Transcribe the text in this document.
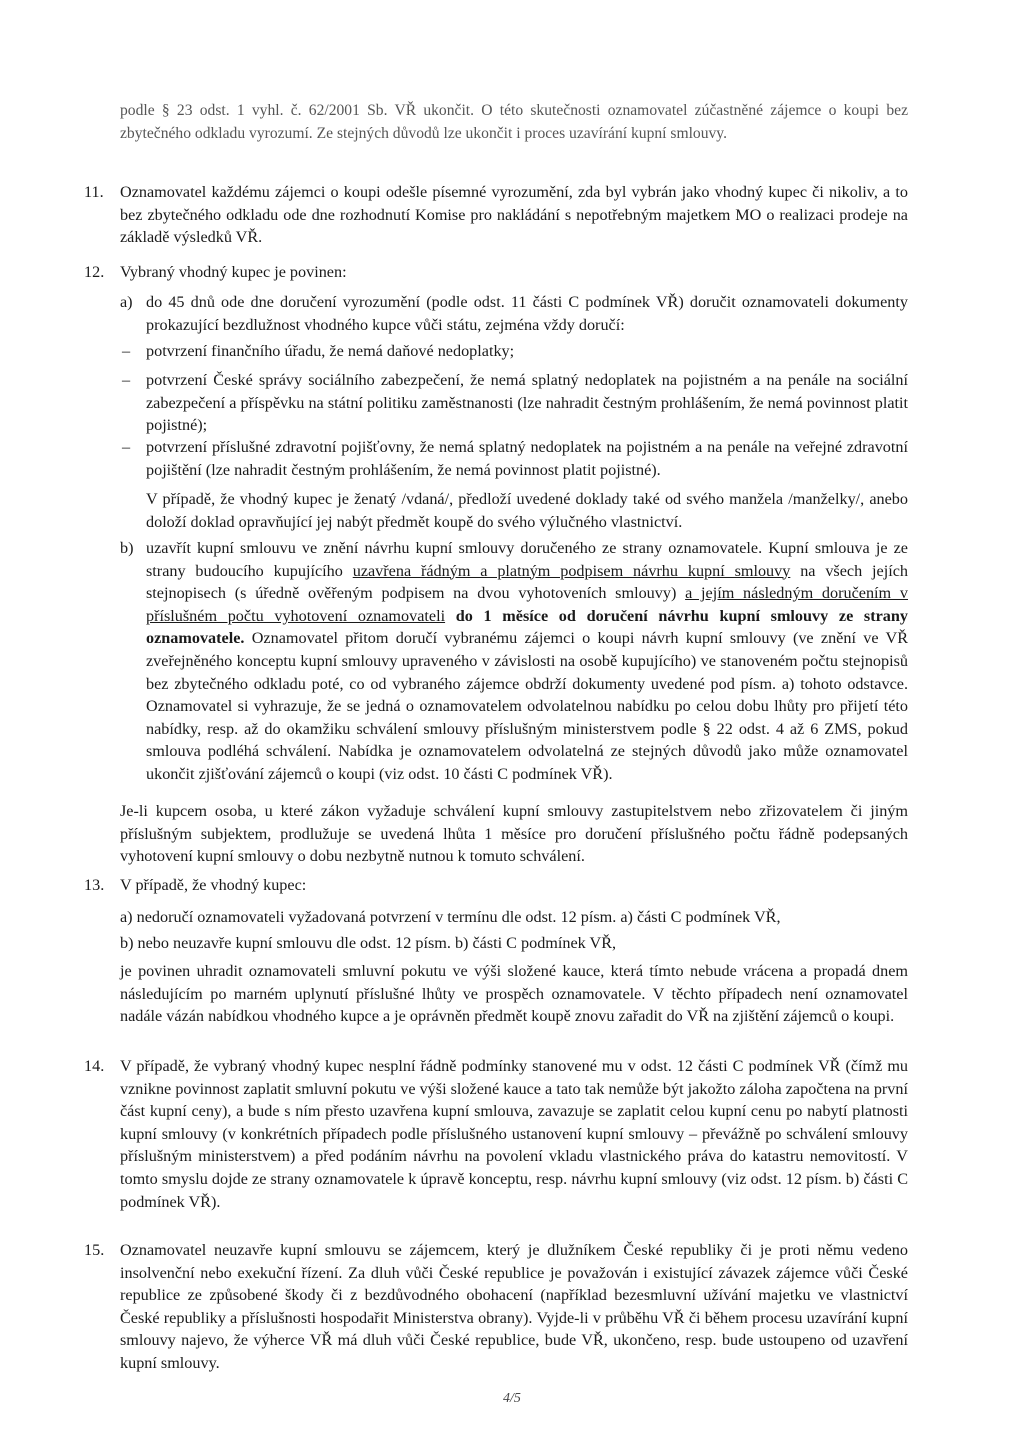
podle § 23 odst. 1 vyhl. č. 62/2001 Sb. VŘ ukončit. O této skutečnosti oznamovatel zúčastněné zájemce o koupi bez zbytečného odkladu vyrozumí. Ze stejných důvodů lze ukončit i proces uzavírání kupní smlouvy.

11. Oznamovatel každému zájemci o koupi odešle písemné vyrozumění, zda byl vybrán jako vhodný kupec či nikoliv, a to bez zbytečného odkladu ode dne rozhodnutí Komise pro nakládání s nepotřebným majetkem MO o realizaci prodeje na základě výsledků VŘ.

12. Vybraný vhodný kupec je povinen:

a) do 45 dnů ode dne doručení vyrozumění (podle odst. 11 části C podmínek VŘ) doručit oznamovateli dokumenty prokazující bezdlužnost vhodného kupce vůči státu, zejména vždy doručí:

– potvrzení finančního úřadu, že nemá daňové nedoplatky;

– potvrzení České správy sociálního zabezpečení, že nemá splatný nedoplatek na pojistném a na penále na sociální zabezpečení a příspěvku na státní politiku zaměstnanosti (lze nahradit čestným prohlášením, že nemá povinnost platit pojistné);

– potvrzení příslušné zdravotní pojišťovny, že nemá splatný nedoplatek na pojistném a na penále na veřejné zdravotní pojištění (lze nahradit čestným prohlášením, že nemá povinnost platit pojistné).

V případě, že vhodný kupec je ženatý /vdaná/, předloží uvedené doklady také od svého manžela /manželky/, anebo doloží doklad opravňující jej nabýt předmět koupě do svého výlučného vlastnictví.

b) uzavřít kupní smlouvu ve znění návrhu kupní smlouvy doručeného ze strany oznamovatele. Kupní smlouva je ze strany budoucího kupujícího uzavřena řádným a platným podpisem návrhu kupní smlouvy na všech jejích stejnopisech (s úředně ověřeným podpisem na dvou vyhotoveních smlouvy) a jejím následným doručením v příslušném počtu vyhotovení oznamovateli do 1 měsíce od doručení návrhu kupní smlouvy ze strany oznamovatele. Oznamovatel přitom doručí vybranému zájemci o koupi návrh kupní smlouvy (ve znění ve VŘ zveřejněného konceptu kupní smlouvy upraveného v závislosti na osobě kupujícího) ve stanoveném počtu stejnopisů bez zbytečného odkladu poté, co od vybraného zájemce obdrží dokumenty uvedené pod písm. a) tohoto odstavce. Oznamovatel si vyhrazuje, že se jedná o oznamovatelem odvolatelnou nabídku po celou dobu lhůty pro přijetí této nabídky, resp. až do okamžiku schválení smlouvy příslušným ministerstvem podle § 22 odst. 4 až 6 ZMS, pokud smlouva podléhá schválení. Nabídka je oznamovatelem odvolatelná ze stejných důvodů jako může oznamovatel ukončit zjišťování zájemců o koupi (viz odst. 10 části C podmínek VŘ).

Je-li kupcem osoba, u které zákon vyžaduje schválení kupní smlouvy zastupitelstvem nebo zřizovatelem či jiným příslušným subjektem, prodlužuje se uvedená lhůta 1 měsíce pro doručení příslušného počtu řádně podepsaných vyhotovení kupní smlouvy o dobu nezbytně nutnou k tomuto schválení.

13. V případě, že vhodný kupec:

a) nedoručí oznamovateli vyžadovaná potvrzení v termínu dle odst. 12 písm. a) části C podmínek VŘ,

b) nebo neuzavře kupní smlouvu dle odst. 12 písm. b) části C podmínek VŘ,

je povinen uhradit oznamovateli smluvní pokutu ve výši složené kauce, která tímto nebude vrácena a propadá dnem následujícím po marném uplynutí příslušné lhůty ve prospěch oznamovatele. V těchto případech není oznamovatel nadále vázán nabídkou vhodného kupce a je oprávněn předmět koupě znovu zařadit do VŘ na zjištění zájemců o koupi.

14. V případě, že vybraný vhodný kupec nesplní řádně podmínky stanovené mu v odst. 12 části C podmínek VŘ (čímž mu vznikne povinnost zaplatit smluvní pokutu ve výši složené kauce a tato tak nemůže být jakožto záloha započtena na první část kupní ceny), a bude s ním přesto uzavřena kupní smlouva, zavazuje se zaplatit celou kupní cenu po nabytí platnosti kupní smlouvy (v konkrétních případech podle příslušného ustanovení kupní smlouvy – převážně po schválení smlouvy příslušným ministerstvem) a před podáním návrhu na povolení vkladu vlastnického práva do katastru nemovitostí. V tomto smyslu dojde ze strany oznamovatele k úpravě konceptu, resp. návrhu kupní smlouvy (viz odst. 12 písm. b) části C podmínek VŘ).

15. Oznamovatel neuzavře kupní smlouvu se zájemcem, který je dlužníkem České republiky či je proti němu vedeno insolvenční nebo exekuční řízení. Za dluh vůči České republice je považován i existující závazek zájemce vůči České republice ze způsobené škody či z bezdůvodného obohacení (například bezesmluvní užívání majetku ve vlastnictví České republiky a příslušnosti hospodařit Ministerstva obrany). Vyjde-li v průběhu VŘ či během procesu uzavírání kupní smlouvy najevo, že výherce VŘ má dluh vůči České republice, bude VŘ, ukončeno, resp. bude ustoupeno od uzavření kupní smlouvy.

4/5
